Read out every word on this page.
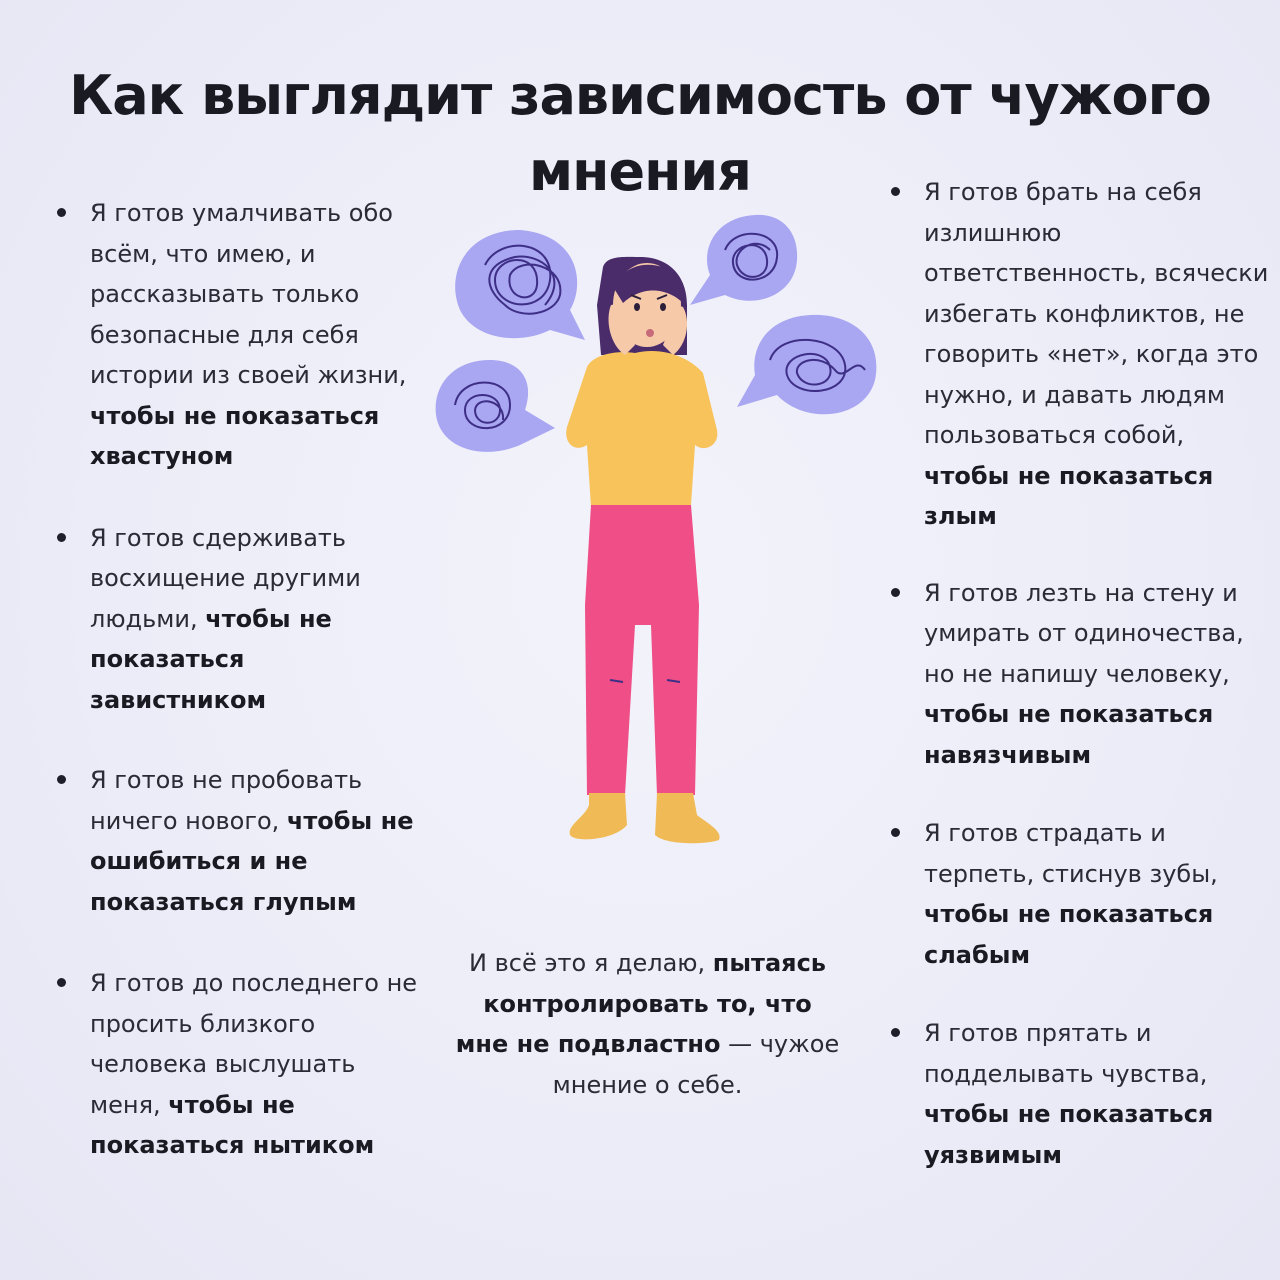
Как выглядит зависимость от чужого
мнения
Я готов умалчивать обо всём, что имею, и рассказывать только безопасные для себя истории из своей жизни, чтобы не показаться хвастуном
Я готов сдерживать восхищение другими людьми, чтобы не показаться завистником
Я готов не пробовать ничего нового, чтобы не ошибиться и не показаться глупым
Я готов до последнего не просить близкого человека выслушать меня, чтобы не показаться нытиком
Я готов брать на себя излишнюю ответственность, всячески избегать конфликтов, не говорить «нет», когда это нужно, и давать людям пользоваться собой, чтобы не показаться злым
Я готов лезть на стену и умирать от одиночества, но не напишу человеку, чтобы не показаться навязчивым
Я готов страдать и терпеть, стиснув зубы, чтобы не показаться слабым
Я готов прятать и подделывать чувства, чтобы не показаться уязвимым
И всё это я делаю, пытаясь контролировать то, что мне не подвластно — чужое мнение о себе.
